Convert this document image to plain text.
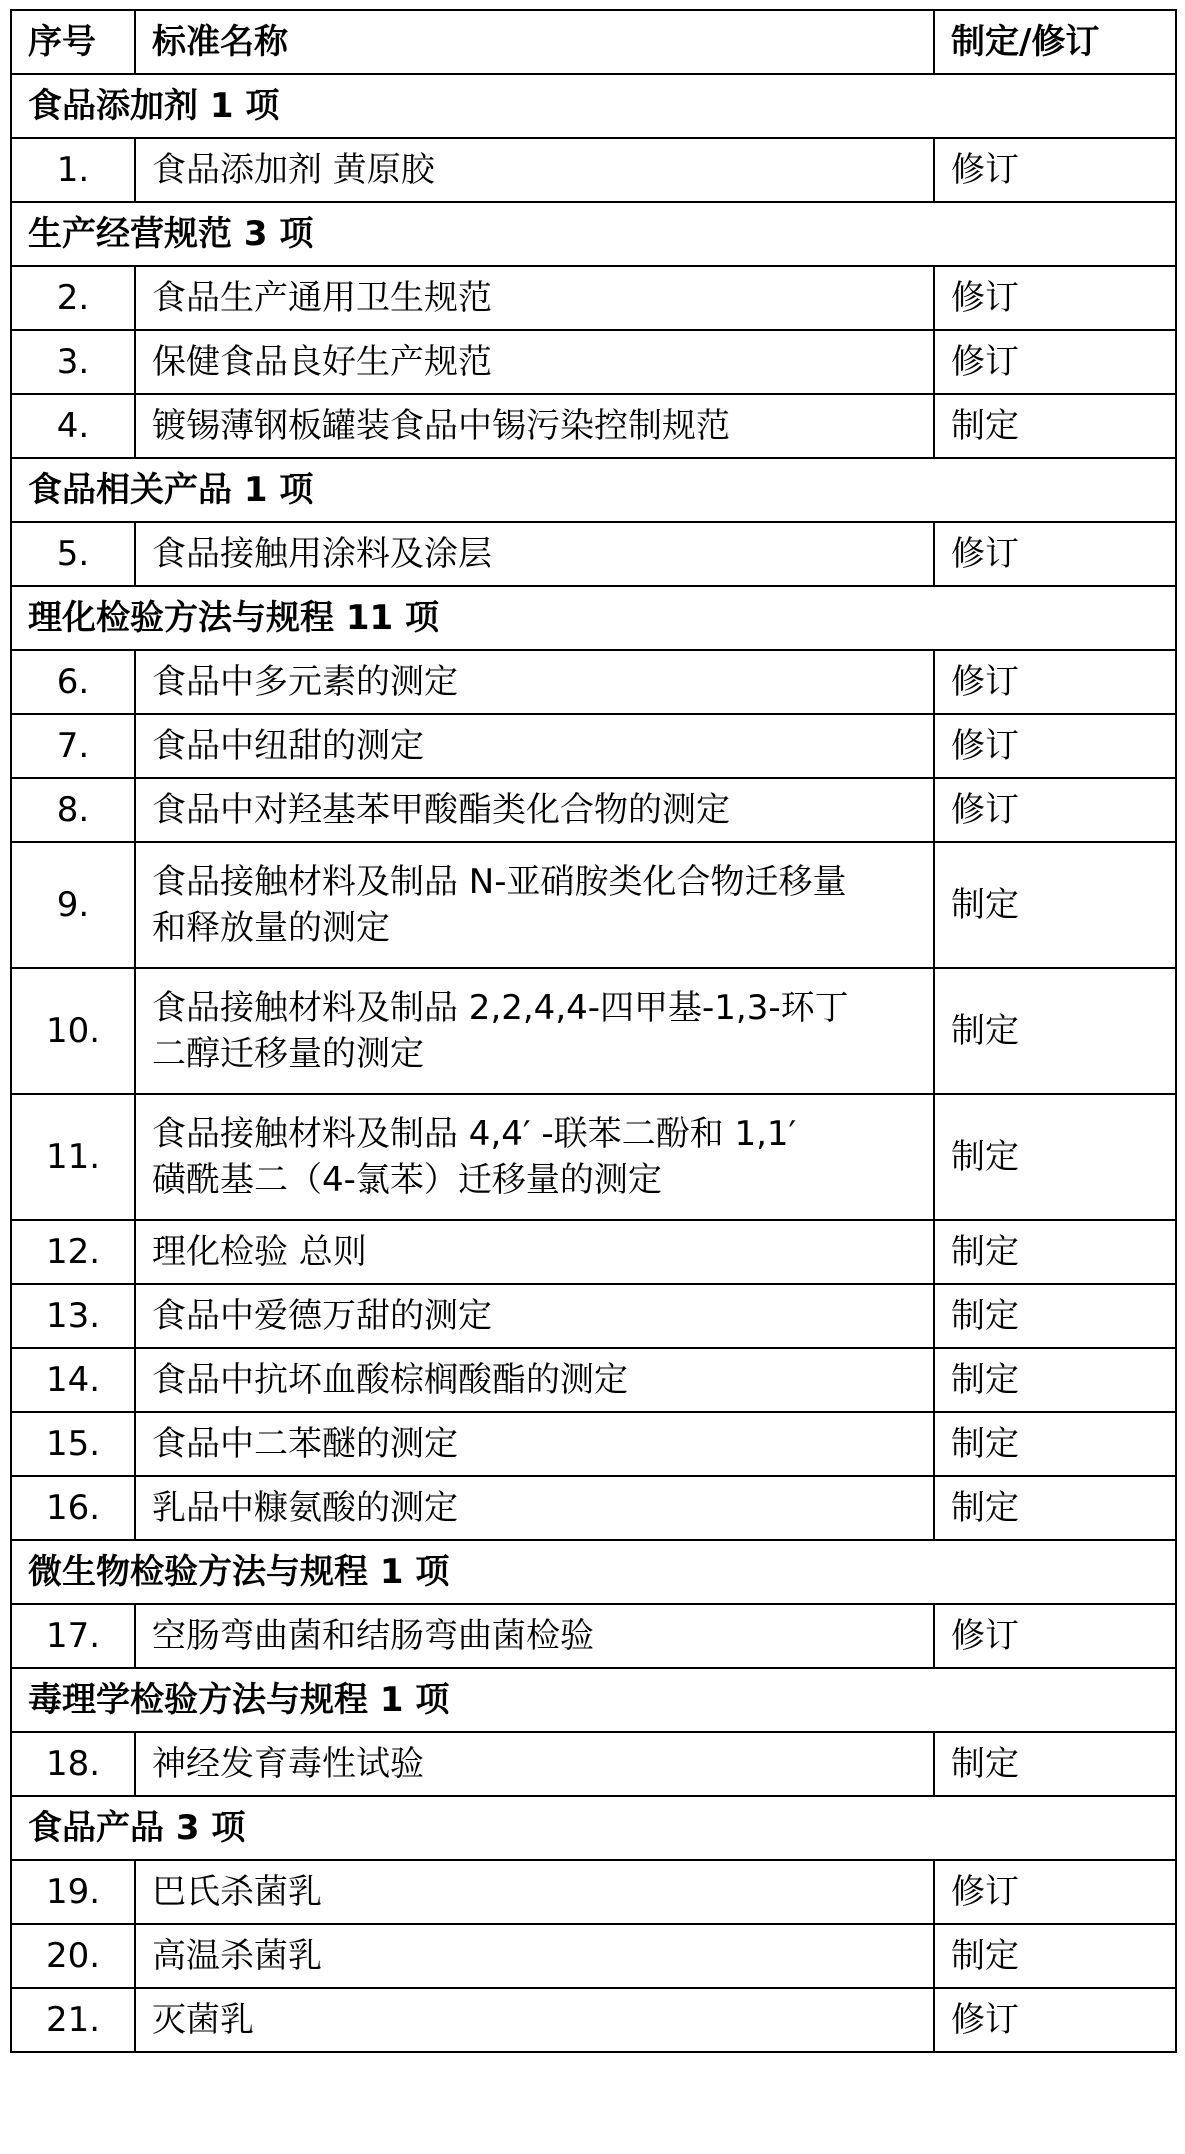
序号	标准名称	制定/修订
食品添加剂 1 项		
1.	食品添加剂 黄原胶	修订
生产经营规范 3 项		
2.	食品生产通用卫生规范	修订
3.	保健食品良好生产规范	修订
4.	镀锡薄钢板罐装食品中锡污染控制规范	制定
食品相关产品 1 项		
5.	食品接触用涂料及涂层	修订
理化检验方法与规程 11 项		
6.	食品中多元素的测定	修订
7.	食品中纽甜的测定	修订
8.	食品中对羟基苯甲酸酯类化合物的测定	修订
9.	食品接触材料及制品 N-亚硝胺类化合物迁移量
和释放量的测定	制定
10.	食品接触材料及制品 2,2,4,4-四甲基-1,3-环丁
二醇迁移量的测定	制定
11.	食品接触材料及制品 4,4′ -联苯二酚和 1,1′
磺酰基二（4-氯苯）迁移量的测定	制定
12.	理化检验 总则	制定
13.	食品中爱德万甜的测定	制定
14.	食品中抗坏血酸棕榈酸酯的测定	制定
15.	食品中二苯醚的测定	制定
16.	乳品中糠氨酸的测定	制定
微生物检验方法与规程 1 项		
17.	空肠弯曲菌和结肠弯曲菌检验	修订
毒理学检验方法与规程 1 项		
18.	神经发育毒性试验	制定
食品产品 3 项		
19.	巴氏杀菌乳	修订
20.	高温杀菌乳	制定
21.	灭菌乳	修订
